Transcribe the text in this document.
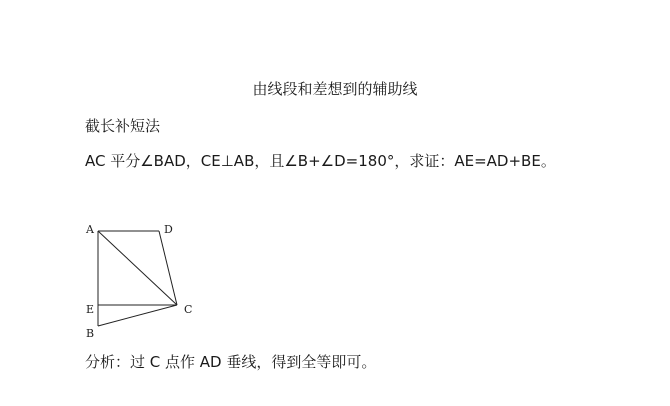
由线段和差想到的辅助线
截长补短法
AC 平分∠BAD，CE⊥AB，且∠B+∠D=180°，求证：AE=AD+BE。
A	D
E	C
B
分析：过 C 点作 AD 垂线，得到全等即可。
